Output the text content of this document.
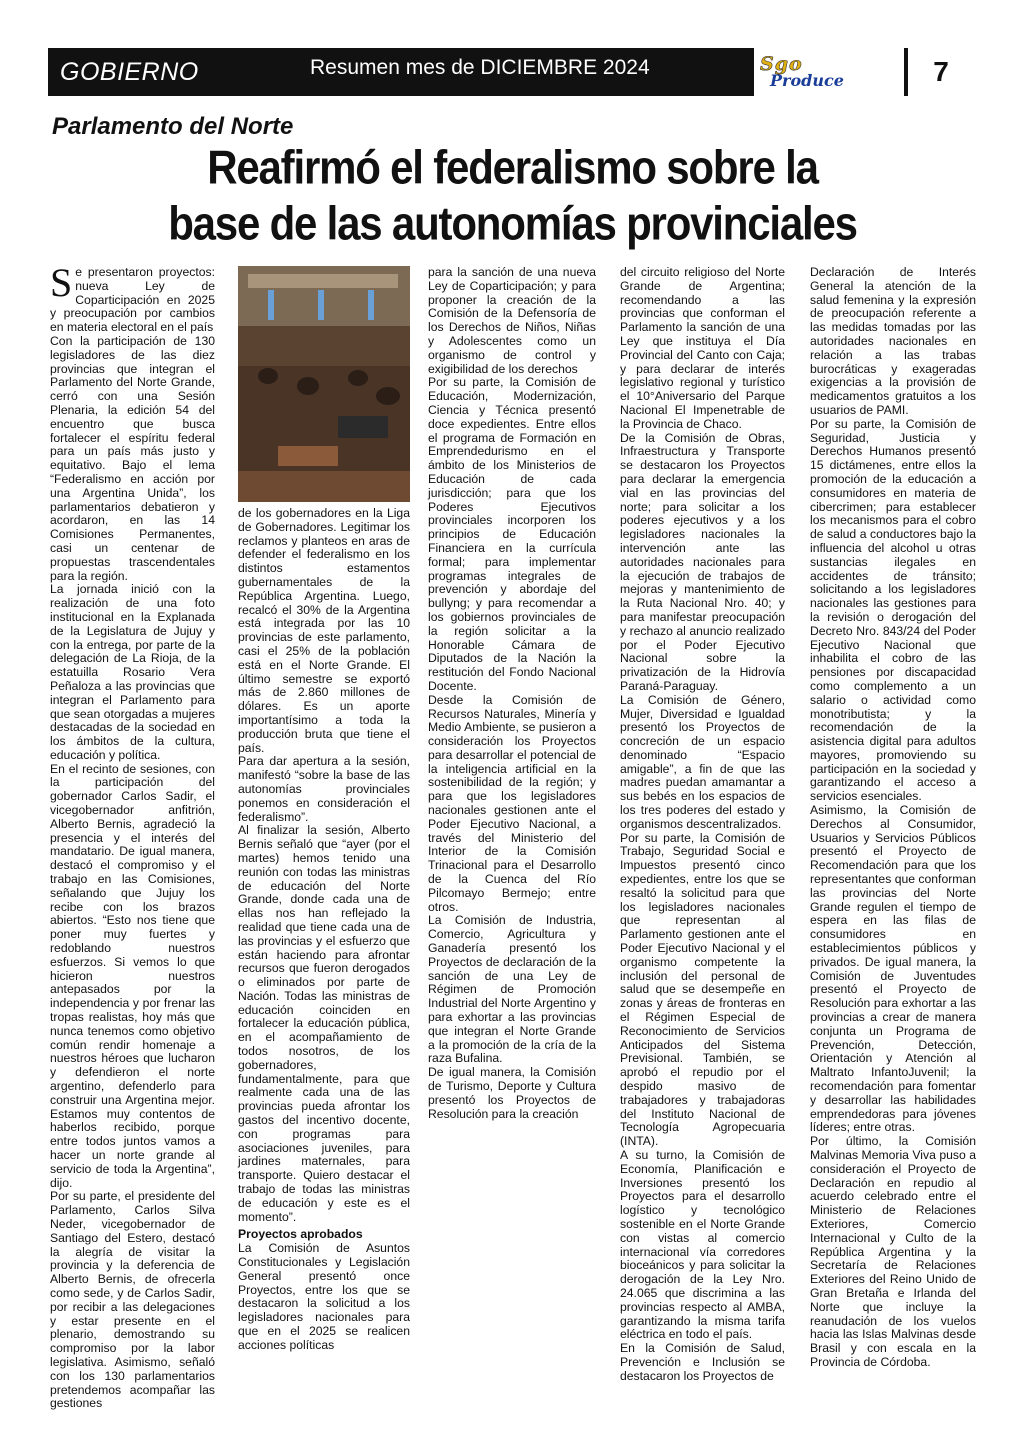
GOBIERNO	Resumen mes de DICIEMBRE 2024	Sgo
Produce	7
Parlamento del Norte
Reafirmó el federalismo sobre la
base de las autonomías provinciales

Se presentaron proyectos: nueva Ley de Coparticipación en 2025 y preocupación por cambios en materia electoral en el país

Con la participación de 130 legisladores de las diez provincias que integran el Parlamento del Norte Grande, cerró con una Sesión Plenaria, la edición 54 del encuentro que busca fortalecer el espíritu federal para un país más justo y equitativo. Bajo el lema “Federalismo en acción por una Argentina Unida”, los parlamentarios debatieron y acordaron, en las 14 Comisiones Permanentes, casi un centenar de propuestas trascendentales para la región.

La jornada inició con la realización de una foto institucional en la Explanada de la Legislatura de Jujuy y con la entrega, por parte de la delegación de La Rioja, de la estatuilla Rosario Vera Peñaloza a las provincias que integran el Parlamento para que sean otorgadas a mujeres destacadas de la sociedad en los ámbitos de la cultura, educación y política.

En el recinto de sesiones, con la participación del gobernador Carlos Sadir, el vicegobernador anfitrión, Alberto Bernis, agradeció la presencia y el interés del mandatario. De igual manera, destacó el compromiso y el trabajo en las Comisiones, señalando que Jujuy los recibe con los brazos abiertos. “Esto nos tiene que poner muy fuertes y redoblando nuestros esfuerzos. Si vemos lo que hicieron nuestros antepasados por la independencia y por frenar las tropas realistas, hoy más que nunca tenemos como objetivo común rendir homenaje a nuestros héroes que lucharon y defendieron el norte argentino, defenderlo para construir una Argentina mejor. Estamos muy contentos de haberlos recibido, porque entre todos juntos vamos a hacer un norte grande al servicio de toda la Argentina”, dijo.

Por su parte, el presidente del Parlamento, Carlos Silva Neder, vicegobernador de Santiago del Estero, destacó la alegría de visitar la provincia y la deferencia de Alberto Bernis, de ofrecerla como sede, y de Carlos Sadir, por recibir a las delegaciones y estar presente en el plenario, demostrando su compromiso por la labor legislativa. Asimismo, señaló con los 130 parlamentarios pretendemos acompañar las gestiones

de los gobernadores en la Liga de Gobernadores. Legitimar los reclamos y planteos en aras de defender el federalismo en los distintos estamentos gubernamentales de la República Argentina. Luego, recalcó el 30% de la Argentina está integrada por las 10 provincias de este parlamento, casi el 25% de la población está en el Norte Grande. El último semestre se exportó más de 2.860 millones de dólares. Es un aporte importantísimo a toda la producción bruta que tiene el país.

Para dar apertura a la sesión, manifestó “sobre la base de las autonomías provinciales ponemos en consideración el federalismo”.

Al finalizar la sesión, Alberto Bernis señaló que “ayer (por el martes) hemos tenido una reunión con todas las ministras de educación del Norte Grande, donde cada una de ellas nos han reflejado la realidad que tiene cada una de las provincias y el esfuerzo que están haciendo para afrontar recursos que fueron derogados o eliminados por parte de Nación. Todas las ministras de educación coinciden en fortalecer la educación pública, en el acompañamiento de todos nosotros, de los gobernadores, fundamentalmente, para que realmente cada una de las provincias pueda afrontar los gastos del incentivo docente, con programas para asociaciones juveniles, para jardines maternales, para transporte. Quiero destacar el trabajo de todas las ministras de educación y este es el momento”.

Proyectos aprobados

La Comisión de Asuntos Constitucionales y Legislación General presentó once Proyectos, entre los que se destacaron la solicitud a los legisladores nacionales para que en el 2025 se realicen acciones políticas

para la sanción de una nueva Ley de Coparticipación; y para proponer la creación de la Comisión de la Defensoría de los Derechos de Niños, Niñas y Adolescentes como un organismo de control y exigibilidad de los derechos

Por su parte, la Comisión de Educación, Modernización, Ciencia y Técnica presentó doce expedientes. Entre ellos el programa de Formación en Emprendedurismo en el ámbito de los Ministerios de Educación de cada jurisdicción; para que los Poderes Ejecutivos provinciales incorporen los principios de Educación Financiera en la currícula formal; para implementar programas integrales de prevención y abordaje del bullyng; y para recomendar a los gobiernos provinciales de la región solicitar a la Honorable Cámara de Diputados de la Nación la restitución del Fondo Nacional Docente.

Desde la Comisión de Recursos Naturales, Minería y Medio Ambiente, se pusieron a consideración los Proyectos para desarrollar el potencial de la inteligencia artificial en la sostenibilidad de la región; y para que los legisladores nacionales gestionen ante el Poder Ejecutivo Nacional, a través del Ministerio del Interior de la Comisión Trinacional para el Desarrollo de la Cuenca del Río Pilcomayo Bermejo; entre otros.

La Comisión de Industria, Comercio, Agricultura y Ganadería presentó los Proyectos de declaración de la sanción de una Ley de Régimen de Promoción Industrial del Norte Argentino y para exhortar a las provincias que integran el Norte Grande a la promoción de la cría de la raza Bufalina.

De igual manera, la Comisión de Turismo, Deporte y Cultura presentó los Proyectos de Resolución para la creación

del circuito religioso del Norte Grande de Argentina; recomendando a las provincias que conforman el Parlamento la sanción de una Ley que instituya el Día Provincial del Canto con Caja; y para declarar de interés legislativo regional y turístico el 10°Aniversario del Parque Nacional El Impenetrable de la Provincia de Chaco.

De la Comisión de Obras, Infraestructura y Transporte se destacaron los Proyectos para declarar la emergencia vial en las provincias del norte; para solicitar a los poderes ejecutivos y a los legisladores nacionales la intervención ante las autoridades nacionales para la ejecución de trabajos de mejoras y mantenimiento de la Ruta Nacional Nro. 40; y para manifestar preocupación y rechazo al anuncio realizado por el Poder Ejecutivo Nacional sobre la privatización de la Hidrovía Paraná-Paraguay.

La Comisión de Género, Mujer, Diversidad e Igualdad presentó los Proyectos de concreción de un espacio denominado “Espacio amigable”, a fin de que las madres puedan amamantar a sus bebés en los espacios de los tres poderes del estado y organismos descentralizados.

Por su parte, la Comisión de Trabajo, Seguridad Social e Impuestos presentó cinco expedientes, entre los que se resaltó la solicitud para que los legisladores nacionales que representan al Parlamento gestionen ante el Poder Ejecutivo Nacional y el organismo competente la inclusión del personal de salud que se desempeñe en zonas y áreas de fronteras en el Régimen Especial de Reconocimiento de Servicios Anticipados del Sistema Previsional. También, se aprobó el repudio por el despido masivo de trabajadores y trabajadoras del Instituto Nacional de Tecnología Agropecuaria (INTA).

A su turno, la Comisión de Economía, Planificación e Inversiones presentó los Proyectos para el desarrollo logístico y tecnológico sostenible en el Norte Grande con vistas al comercio internacional vía corredores bioceánicos y para solicitar la derogación de la Ley Nro. 24.065 que discrimina a las provincias respecto al AMBA, garantizando la misma tarifa eléctrica en todo el país.

En la Comisión de Salud, Prevención e Inclusión se destacaron los Proyectos de

Declaración de Interés General la atención de la salud femenina y la expresión de preocupación referente a las medidas tomadas por las autoridades nacionales en relación a las trabas burocráticas y exageradas exigencias a la provisión de medicamentos gratuitos a los usuarios de PAMI.

Por su parte, la Comisión de Seguridad, Justicia y Derechos Humanos presentó 15 dictámenes, entre ellos la promoción de la educación a consumidores en materia de cibercrimen; para establecer los mecanismos para el cobro de salud a conductores bajo la influencia del alcohol u otras sustancias ilegales en accidentes de tránsito; solicitando a los legisladores nacionales las gestiones para la revisión o derogación del Decreto Nro. 843/24 del Poder Ejecutivo Nacional que inhabilita el cobro de las pensiones por discapacidad como complemento a un salario o actividad como monotributista; y la recomendación de la asistencia digital para adultos mayores, promoviendo su participación en la sociedad y garantizando el acceso a servicios esenciales.

Asimismo, la Comisión de Derechos al Consumidor, Usuarios y Servicios Públicos presentó el Proyecto de Recomendación para que los representantes que conforman las provincias del Norte Grande regulen el tiempo de espera en las filas de consumidores en establecimientos públicos y privados. De igual manera, la Comisión de Juventudes presentó el Proyecto de Resolución para exhortar a las provincias a crear de manera conjunta un Programa de Prevención, Detección, Orientación y Atención al Maltrato InfantoJuvenil; la recomendación para fomentar y desarrollar las habilidades emprendedoras para jóvenes líderes; entre otras.

Por último, la Comisión Malvinas Memoria Viva puso a consideración el Proyecto de Declaración en repudio al acuerdo celebrado entre el Ministerio de Relaciones Exteriores, Comercio Internacional y Culto de la República Argentina y la Secretaría de Relaciones Exteriores del Reino Unido de Gran Bretaña e Irlanda del Norte que incluye la reanudación de los vuelos hacia las Islas Malvinas desde Brasil y con escala en la Provincia de Córdoba.
